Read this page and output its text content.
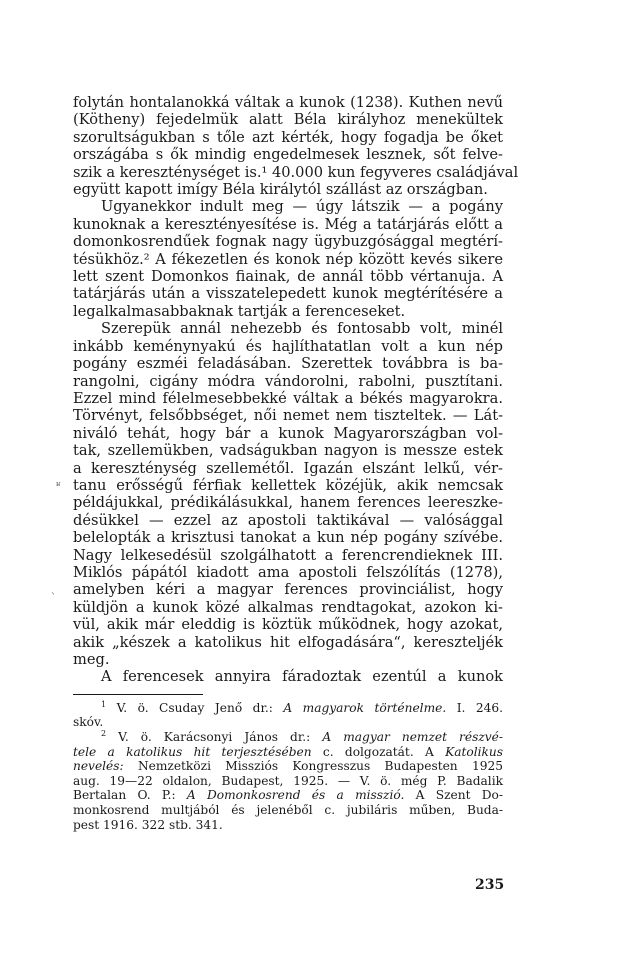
folytán hontalanokká váltak a kunok (1238). Kuthen nevű
(Kötheny) fejedelmük alatt Béla királyhoz menekültek
szorultságukban s tőle azt kérték, hogy fogadja be őket
országába s ők mindig engedelmesek lesznek, sőt felve-
szik a kereszténységet is.¹ 40.000 kun fegyveres családjával
együtt kapott imígy Béla királytól szállást az országban.

Ugyanekkor indult meg — úgy látszik — a pogány
kunoknak a keresztényesítése is. Még a tatárjárás előtt a
domonkosrendűek fognak nagy ügybuzgósággal megtérí-
tésükhöz.² A fékezetlen és konok nép között kevés sikere
lett szent Domonkos fiainak, de annál több vértanuja. A
tatárjárás után a visszatelepedett kunok megtérítésére a
legalkalmasabbaknak tartják a ferenceseket.

Szerepük annál nehezebb és fontosabb volt, minél
inkább keménynyakú és hajlíthatatlan volt a kun nép
pogány eszméi feladásában. Szerettek továbbra is ba-
rangolni, cigány módra vándorolni, rabolni, pusztítani.
Ezzel mind félelmesebbekké váltak a békés magyarokra.
Törvényt, felsőbbséget, női nemet nem tiszteltek. — Lát-
niváló tehát, hogy bár a kunok Magyarországban vol-
tak, szellemükben, vadságukban nagyon is messze estek
a kereszténység szellemétől. Igazán elszánt lelkű, vér-
tanu erősségű férfiak kellettek közéjük, akik nemcsak
példájukkal, prédikálásukkal, hanem ferences leereszke-
désükkel — ezzel az apostoli taktikával — valósággal
belelopták a krisztusi tanokat a kun nép pogány szívébe.
Nagy lelkesedésül szolgálhatott a ferencrendieknek III.
Miklós pápától kiadott ama apostoli felszólítás (1278),
amelyben kéri a magyar ferences provinciálist, hogy
küldjön a kunok közé alkalmas rendtagokat, azokon ki-
vül, akik már eleddig is köztük működnek, hogy azokat,
akik „készek a katolikus hit elfogadására“, kereszteljék
meg.

A ferencesek annyira fáradoztak ezentúl a kunok

$^1$ V. ö. Csuday Jenő dr.: A magyarok történelme. I. 246.
skóv.

$^2$ V. ö. Karácsonyi János dr.: A magyar nemzet részvé-
tele a katolikus hit terjesztésében c. dolgozatát. A Katolikus
nevelés: Nemzetközi Missziós Kongresszus Budapesten 1925
aug. 19—22 oldalon, Budapest, 1925. — V. ö. még P. Badalik
Bertalan O. P.: A Domonkosrend és a misszió. A Szent Do-
monkosrend multjából és jelenéből c. jubiláris műben, Buda-
pest 1916. 322 stb. 341.

ʶ
`
235
